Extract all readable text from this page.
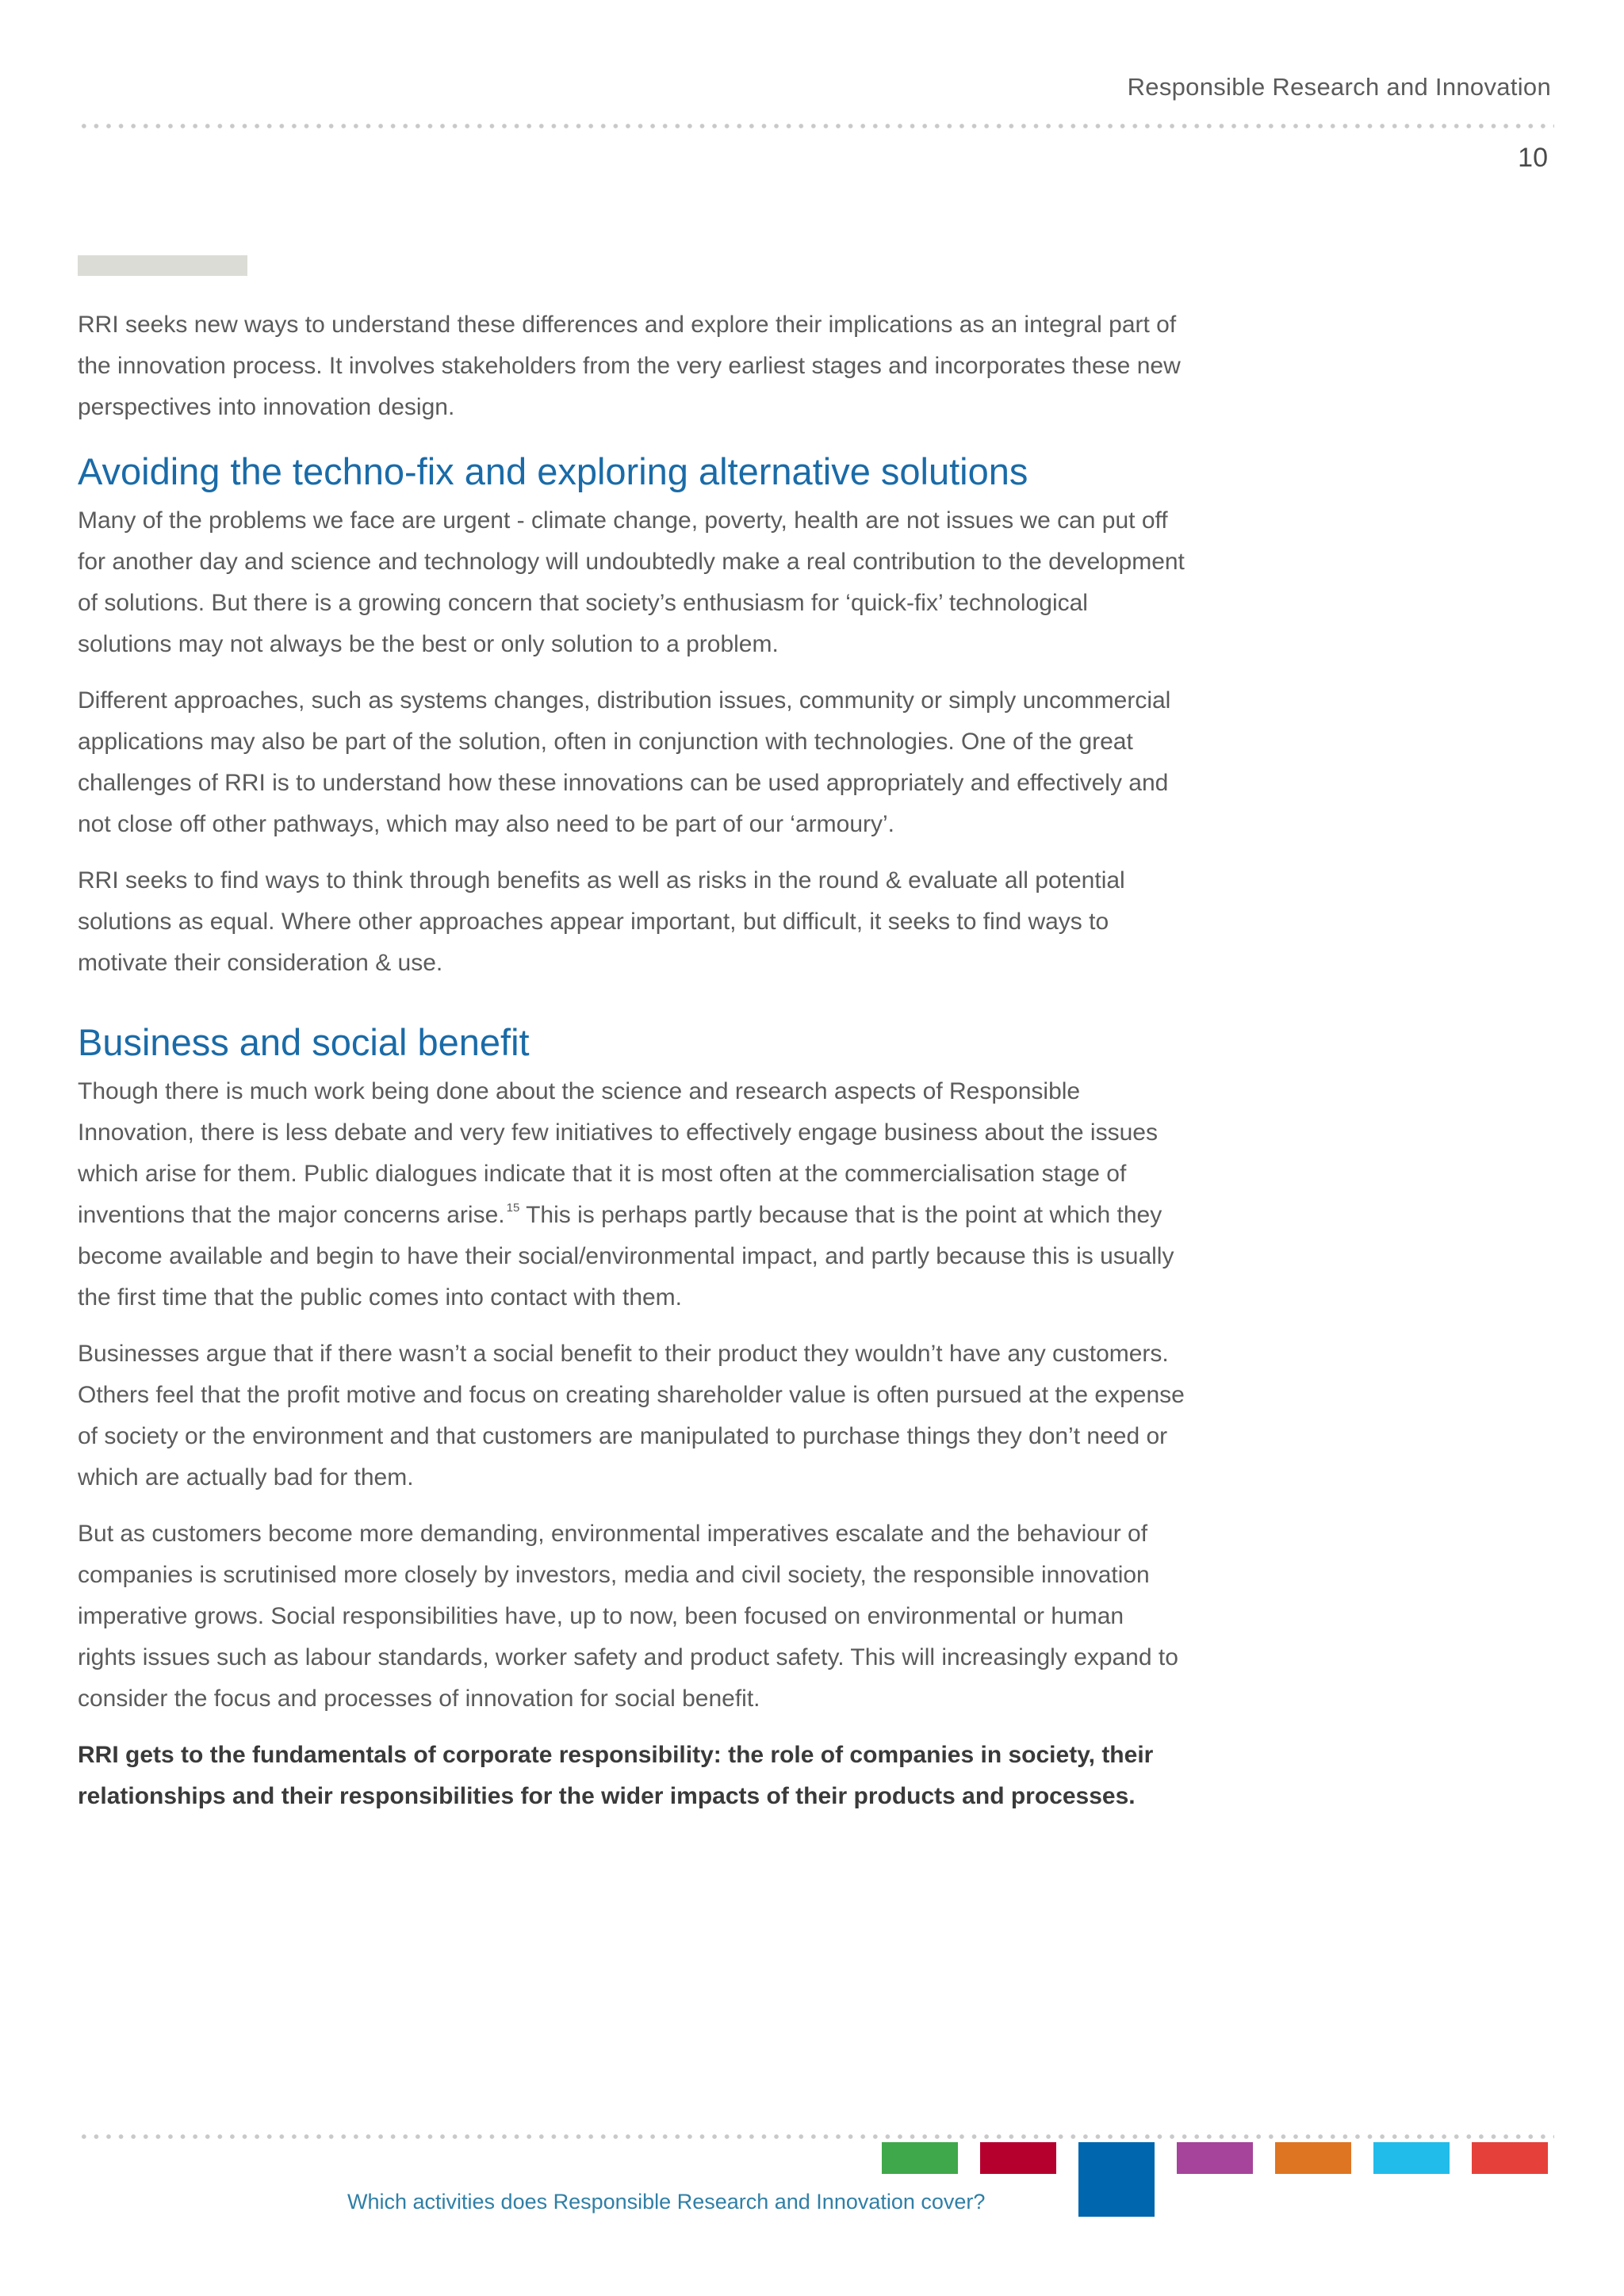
Responsible Research and Innovation
10

RRI seeks new ways to understand these differences and explore their implications as an integral part of the innovation process. It involves stakeholders from the very earliest stages and incorporates these new perspectives into innovation design.

Avoiding the techno-fix and exploring alternative solutions

Many of the problems we face are urgent - climate change, poverty, health are not issues we can put off for another day and science and technology will undoubtedly make a real contribution to the development of solutions. But there is a growing concern that society’s enthusiasm for ‘quick-fix’ technological solutions may not always be the best or only solution to a problem.

Different approaches, such as systems changes, distribution issues, community or simply uncommercial applications may also be part of the solution, often in conjunction with technologies. One of the great challenges of RRI is to understand how these innovations can be used appropriately and effectively and not close off other pathways, which may also need to be part of our ‘armoury’.

RRI seeks to find ways to think through benefits as well as risks in the round & evaluate all potential solutions as equal. Where other approaches appear important, but difficult, it seeks to find ways to motivate their consideration & use.

Business and social benefit

Though there is much work being done about the science and research aspects of Responsible Innovation, there is less debate and very few initiatives to effectively engage business about the issues which arise for them. Public dialogues indicate that it is most often at the commercialisation stage of inventions that the major concerns arise. $^{15}$ This is perhaps partly because that is the point at which they become available and begin to have their social/environmental impact, and partly because this is usually the first time that the public comes into contact with them.

Businesses argue that if there wasn’t a social benefit to their product they wouldn’t have any customers. Others feel that the profit motive and focus on creating shareholder value is often pursued at the expense of society or the environment and that customers are manipulated to purchase things they don’t need or which are actually bad for them.

But as customers become more demanding, environmental imperatives escalate and the behaviour of companies is scrutinised more closely by investors, media and civil society, the responsible innovation imperative grows. Social responsibilities have, up to now, been focused on environmental or human rights issues such as labour standards, worker safety and product safety. This will increasingly expand to consider the focus and processes of innovation for social benefit.

RRI gets to the fundamentals of corporate responsibility: the role of companies in society, their relationships and their responsibilities for the wider impacts of their products and processes.

Which activities does Responsible Research and Innovation cover?
